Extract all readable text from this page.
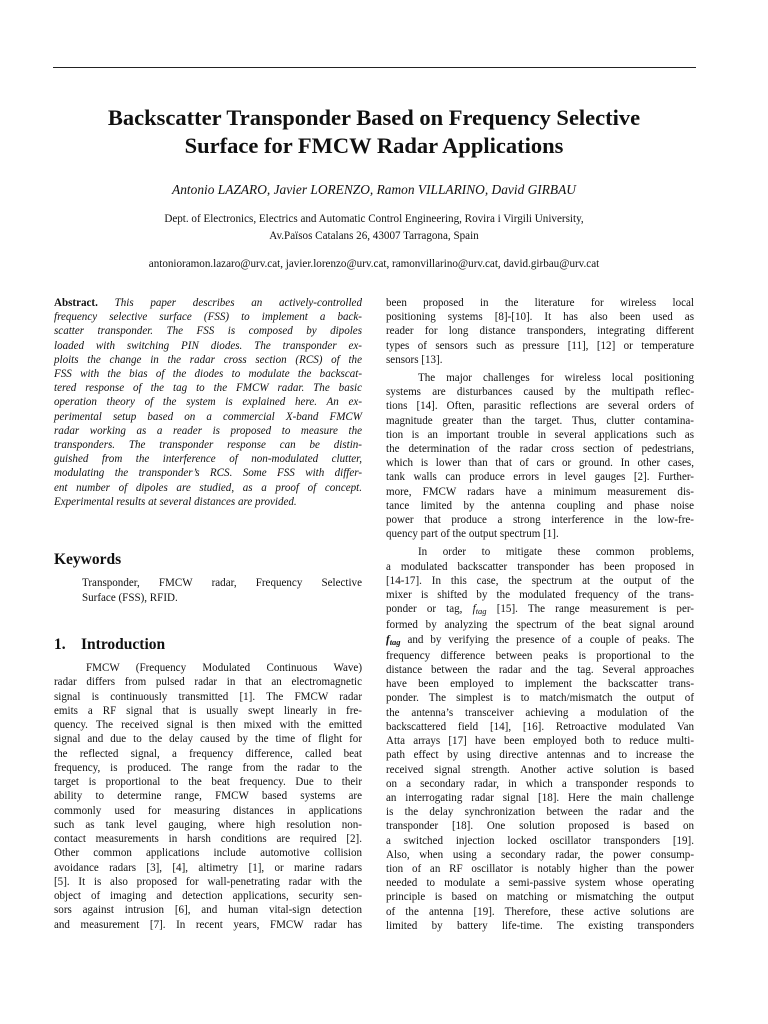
Backscatter Transponder Based on Frequency Selective
Surface for FMCW Radar Applications
Antonio LAZARO, Javier LORENZO, Ramon VILLARINO, David GIRBAU
Dept. of Electronics, Electrics and Automatic Control Engineering, Rovira i Virgili University,
Av.Països Catalans 26, 43007 Tarragona, Spain
antonioramon.lazaro@urv.cat, javier.lorenzo@urv.cat, ramonvillarino@urv.cat, david.girbau@urv.cat
Abstract. This paper describes an actively-controlled
frequency selective surface (FSS) to implement a back-
scatter transponder. The FSS is composed by dipoles
loaded with switching PIN diodes. The transponder ex-
ploits the change in the radar cross section (RCS) of the
FSS with the bias of the diodes to modulate the backscat-
tered response of the tag to the FMCW radar. The basic
operation theory of the system is explained here. An ex-
perimental setup based on a commercial X-band FMCW
radar working as a reader is proposed to measure the
transponders. The transponder response can be distin-
guished from the interference of non-modulated clutter,
modulating the transponder’s RCS. Some FSS with differ-
ent number of dipoles are studied, as a proof of concept.
Experimental results at several distances are provided.
Keywords
Transponder, FMCW radar, Frequency Selective
Surface (FSS), RFID.
1. Introduction
FMCW (Frequency Modulated Continuous Wave)
radar differs from pulsed radar in that an electromagnetic
signal is continuously transmitted [1]. The FMCW radar
emits a RF signal that is usually swept linearly in fre-
quency. The received signal is then mixed with the emitted
signal and due to the delay caused by the time of flight for
the reflected signal, a frequency difference, called beat
frequency, is produced. The range from the radar to the
target is proportional to the beat frequency. Due to their
ability to determine range, FMCW based systems are
commonly used for measuring distances in applications
such as tank level gauging, where high resolution non-
contact measurements in harsh conditions are required [2].
Other common applications include automotive collision
avoidance radars [3], [4], altimetry [1], or marine radars
[5]. It is also proposed for wall-penetrating radar with the
object of imaging and detection applications, security sen-
sors against intrusion [6], and human vital-sign detection
and measurement [7]. In recent years, FMCW radar has
been proposed in the literature for wireless local
positioning systems [8]-[10]. It has also been used as
reader for long distance transponders, integrating different
types of sensors such as pressure [11], [12] or temperature
sensors [13].
The major challenges for wireless local positioning
systems are disturbances caused by the multipath reflec-
tions [14]. Often, parasitic reflections are several orders of
magnitude greater than the target. Thus, clutter contamina-
tion is an important trouble in several applications such as
the determination of the radar cross section of pedestrians,
which is lower than that of cars or ground. In other cases,
tank walls can produce errors in level gauges [2]. Further-
more, FMCW radars have a minimum measurement dis-
tance limited by the antenna coupling and phase noise
power that produce a strong interference in the low-fre-
quency part of the output spectrum [1].
In order to mitigate these common problems,
a modulated backscatter transponder has been proposed in
[14-17]. In this case, the spectrum at the output of the
mixer is shifted by the modulated frequency of the trans-
ponder or tag, $f_{tag}$ [15]. The range measurement is per-
formed by analyzing the spectrum of the beat signal around
$f_{tag}$ and by verifying the presence of a couple of peaks. The
frequency difference between peaks is proportional to the
distance between the radar and the tag. Several approaches
have been employed to implement the backscatter trans-
ponder. The simplest is to match/mismatch the output of
the antenna’s transceiver achieving a modulation of the
backscattered field [14], [16]. Retroactive modulated Van
Atta arrays [17] have been employed both to reduce multi-
path effect by using directive antennas and to increase the
received signal strength. Another active solution is based
on a secondary radar, in which a transponder responds to
an interrogating radar signal [18]. Here the main challenge
is the delay synchronization between the radar and the
transponder [18]. One solution proposed is based on
a switched injection locked oscillator transponders [19].
Also, when using a secondary radar, the power consump-
tion of an RF oscillator is notably higher than the power
needed to modulate a semi-passive system whose operating
principle is based on matching or mismatching the output
of the antenna [19]. Therefore, these active solutions are
limited by battery life-time. The existing transponders
